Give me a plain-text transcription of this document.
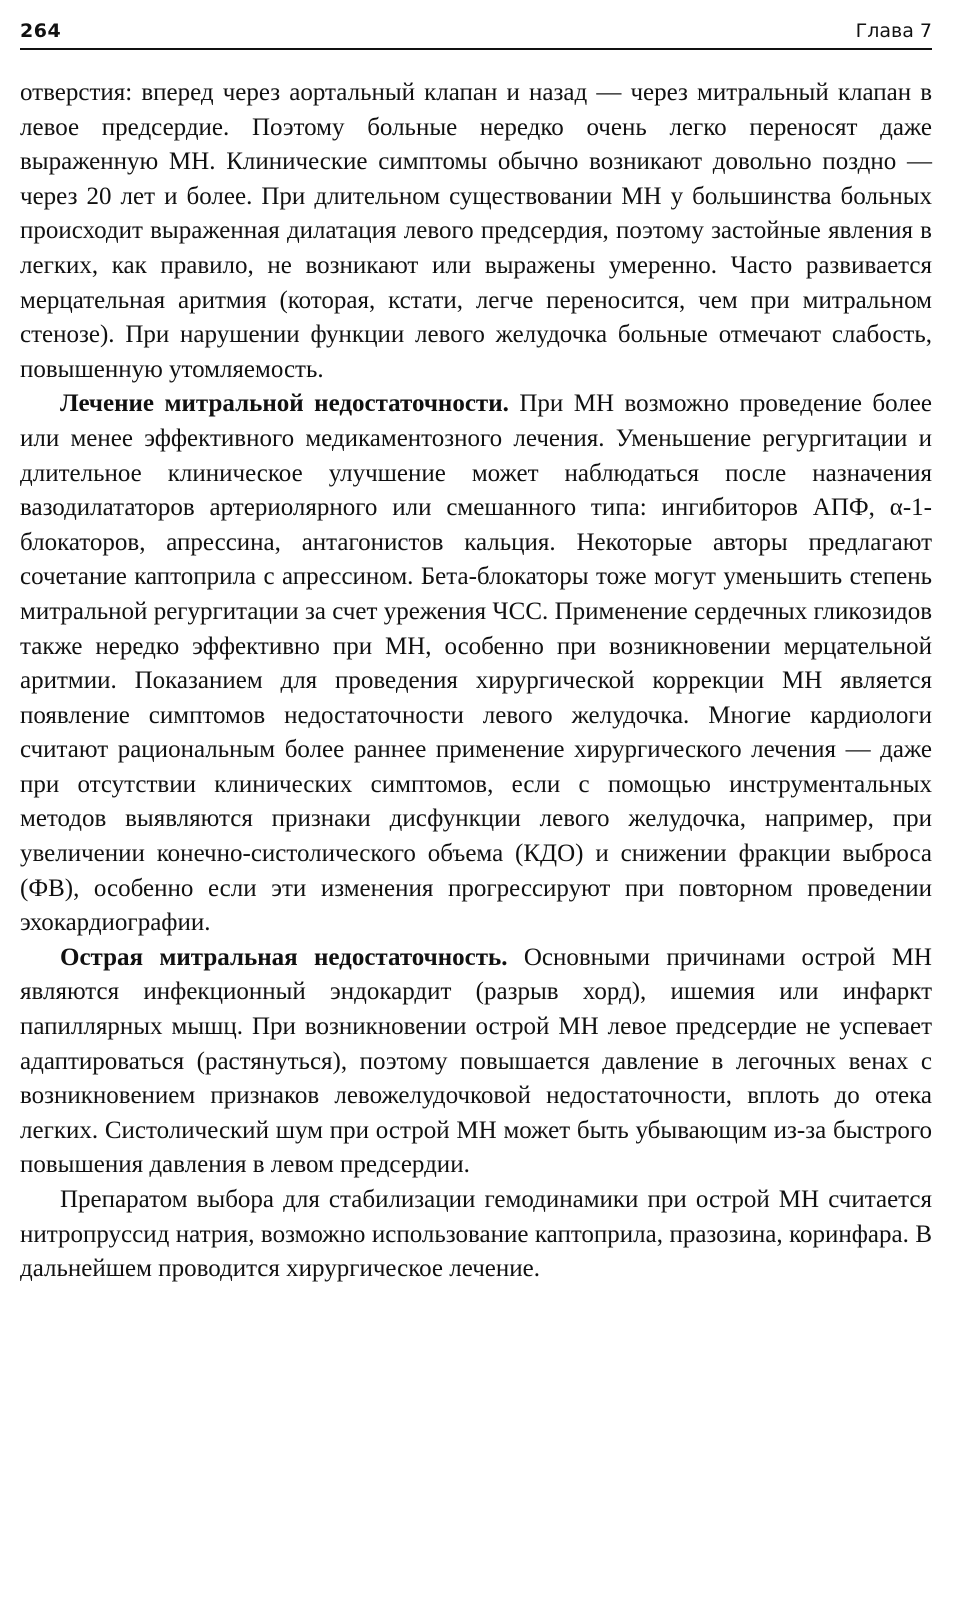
264	Глава 7

отверстия: вперед через аортальный клапан и назад — через митральный клапан в левое предсердие. Поэтому больные нередко очень легко переносят даже выраженную МН. Клинические симптомы обычно возникают довольно поздно — через 20 лет и более. При длительном существовании МН у большинства больных происходит выраженная дилатация левого предсердия, поэтому застойные явления в легких, как правило, не возникают или выражены умеренно. Часто развивается мерцательная аритмия (которая, кстати, легче переносится, чем при митральном стенозе). При нарушении функции левого желудочка больные отмечают слабость, повышенную утомляемость.

Лечение митральной недостаточности. При МН возможно проведение более или менее эффективного медикаментозного лечения. Уменьшение регургитации и длительное клиническое улучшение может наблюдаться после назначения вазодилататоров артериолярного или смешанного типа: ингибиторов АПФ, α-1-блокаторов, апрессина, антагонистов кальция. Некоторые авторы предлагают сочетание каптоприла с апрессином. Бета-блокаторы тоже могут уменьшить степень митральной регургитации за счет урежения ЧСС. Применение сердечных гликозидов также нередко эффективно при МН, особенно при возникновении мерцательной аритмии. Показанием для проведения хирургической коррекции МН является появление симптомов недостаточности левого желудочка. Многие кардиологи считают рациональным более раннее применение хирургического лечения — даже при отсутствии клинических симптомов, если с помощью инструментальных методов выявляются признаки дисфункции левого желудочка, например, при увеличении конечно-систолического объема (КДО) и снижении фракции выброса (ФВ), особенно если эти изменения прогрессируют при повторном проведении эхокардиографии.

Острая митральная недостаточность. Основными причинами острой МН являются инфекционный эндокардит (разрыв хорд), ишемия или инфаркт папиллярных мышц. При возникновении острой МН левое предсердие не успевает адаптироваться (растянуться), поэтому повышается давление в легочных венах с возникновением признаков левожелудочковой недостаточности, вплоть до отека легких. Систолический шум при острой МН может быть убывающим из-за быстрого повышения давления в левом предсердии.

Препаратом выбора для стабилизации гемодинамики при острой МН считается нитропруссид натрия, возможно использование каптоприла, празозина, коринфара. В дальнейшем проводится хирургическое лечение.
